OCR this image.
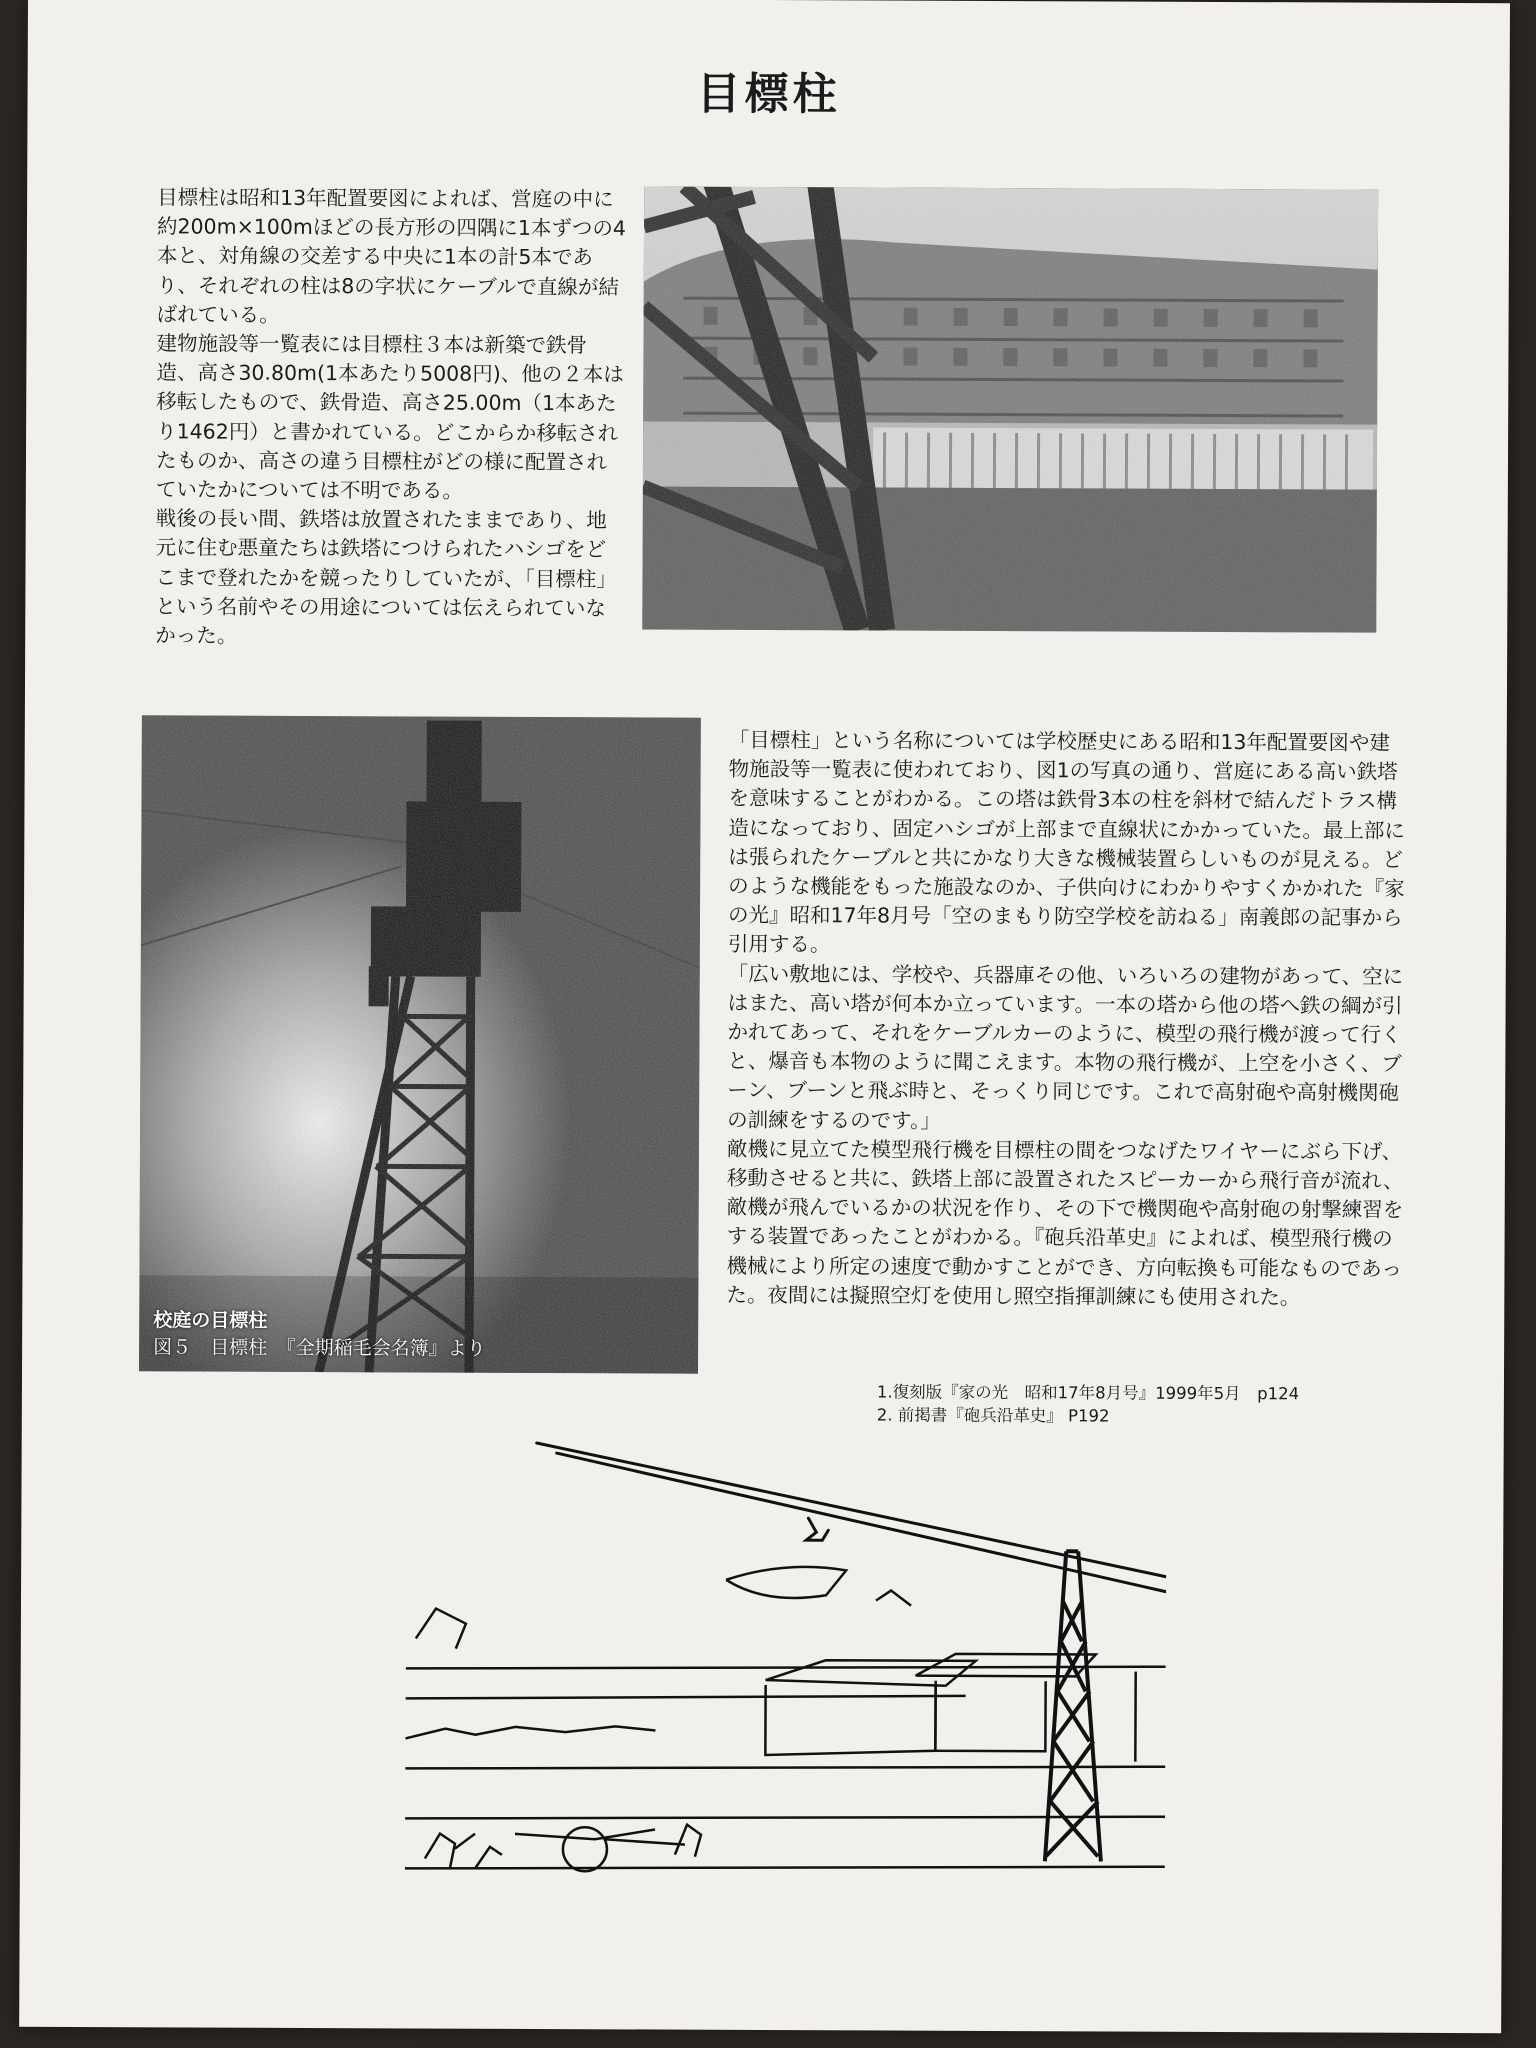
目標柱

目標柱は昭和13年配置要図によれば、営庭の中に約200m×100mほどの長方形の四隅に1本ずつの4本と、対角線の交差する中央に1本の計5本であり、それぞれの柱は8の字状にケーブルで直線が結ばれている。

建物施設等一覧表には目標柱３本は新築で鉄骨造、高さ30.80m(1本あたり5008円)、他の２本は移転したもので、鉄骨造、高さ25.00m（1本あたり1462円）と書かれている。どこからか移転されたものか、高さの違う目標柱がどの様に配置されていたかについては不明である。

戦後の長い間、鉄塔は放置されたままであり、地元に住む悪童たちは鉄塔につけられたハシゴをどこまで登れたかを競ったりしていたが、「目標柱」という名前やその用途については伝えられていなかった。

校庭の目標柱
図５　目標柱　『全期稲毛会名簿』より

「目標柱」という名称については学校歴史にある昭和13年配置要図や建物施設等一覧表に使われており、図1の写真の通り、営庭にある高い鉄塔を意味することがわかる。この塔は鉄骨3本の柱を斜材で結んだトラス構造になっており、固定ハシゴが上部まで直線状にかかっていた。最上部には張られたケーブルと共にかなり大きな機械装置らしいものが見える。どのような機能をもった施設なのか、子供向けにわかりやすくかかれた『家の光』昭和17年8月号「空のまもり防空学校を訪ねる」南義郎の記事から引用する。

「広い敷地には、学校や、兵器庫その他、いろいろの建物があって、空にはまた、高い塔が何本か立っています。一本の塔から他の塔へ鉄の綱が引かれてあって、それをケーブルカーのように、模型の飛行機が渡って行くと、爆音も本物のように聞こえます。本物の飛行機が、上空を小さく、ブーン、ブーンと飛ぶ時と、そっくり同じです。これで高射砲や高射機関砲の訓練をするのです。」

敵機に見立てた模型飛行機を目標柱の間をつなげたワイヤーにぶら下げ、移動させると共に、鉄塔上部に設置されたスピーカーから飛行音が流れ、敵機が飛んでいるかの状況を作り、その下で機関砲や高射砲の射撃練習をする装置であったことがわかる。『砲兵沿革史』によれば、模型飛行機の機械により所定の速度で動かすことができ、方向転換も可能なものであった。夜間には擬照空灯を使用し照空指揮訓練にも使用された。

1.復刻版『家の光　昭和17年8月号』1999年5月　p124
2. 前掲書『砲兵沿革史』 P192
